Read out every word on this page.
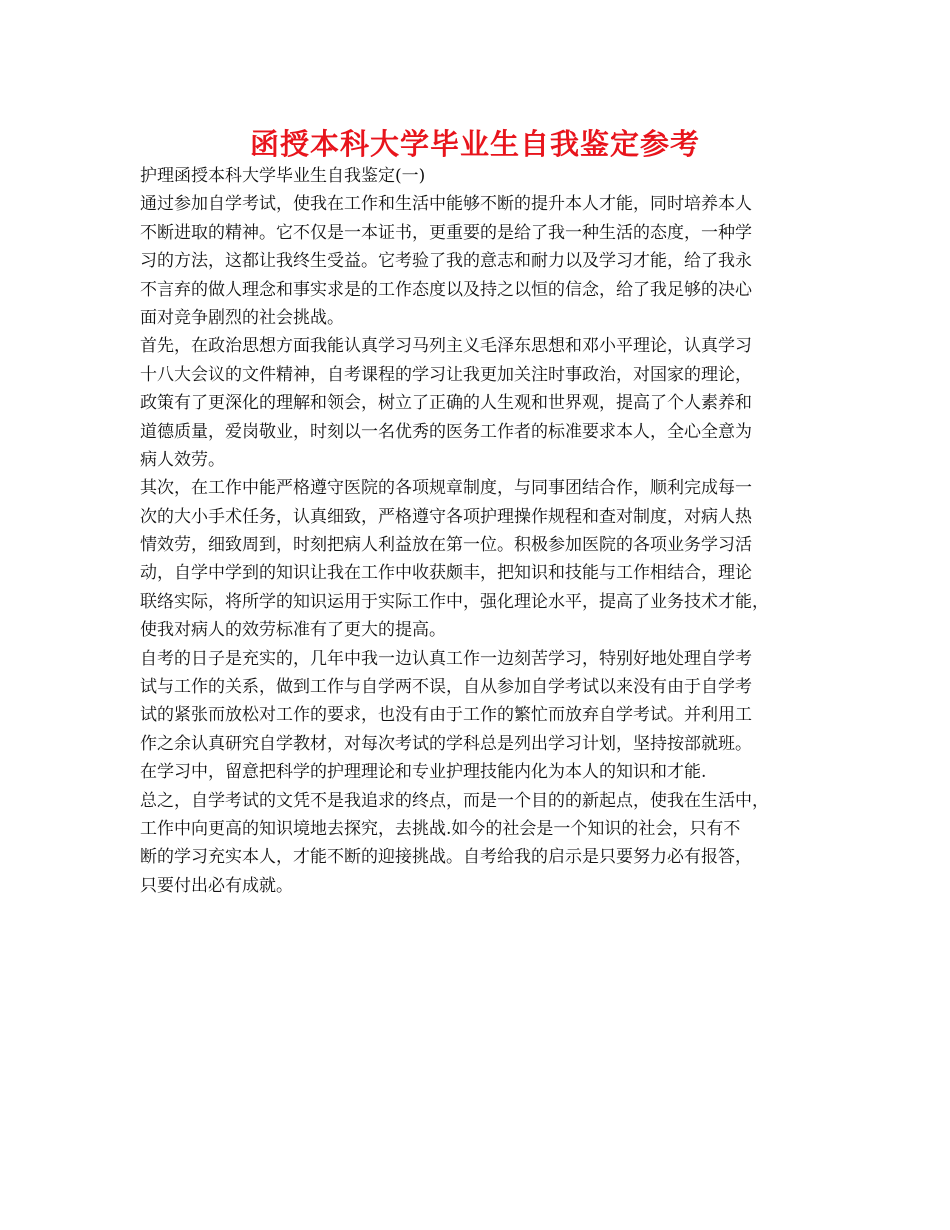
函授本科大学毕业生自我鉴定参考

护理函授本科大学毕业生自我鉴定(一)

通过参加自学考试，使我在工作和生活中能够不断的提升本人才能，同时培养本人
不断进取的精神。它不仅是一本证书，更重要的是给了我一种生活的态度，一种学
习的方法，这都让我终生受益。它考验了我的意志和耐力以及学习才能，给了我永
不言弃的做人理念和事实求是的工作态度以及持之以恒的信念，给了我足够的决心
面对竞争剧烈的社会挑战。

首先，在政治思想方面我能认真学习马列主义毛泽东思想和邓小平理论，认真学习
十八大会议的文件精神，自考课程的学习让我更加关注时事政治，对国家的理论，
政策有了更深化的理解和领会，树立了正确的人生观和世界观，提高了个人素养和
道德质量，爱岗敬业，时刻以一名优秀的医务工作者的标准要求本人，全心全意为
病人效劳。

其次，在工作中能严格遵守医院的各项规章制度，与同事团结合作，顺利完成每一
次的大小手术任务，认真细致，严格遵守各项护理操作规程和查对制度，对病人热
情效劳，细致周到，时刻把病人利益放在第一位。积极参加医院的各项业务学习活
动，自学中学到的知识让我在工作中收获颇丰，把知识和技能与工作相结合，理论
联络实际，将所学的知识运用于实际工作中，强化理论水平，提高了业务技术才能，
使我对病人的效劳标准有了更大的提高。

自考的日子是充实的，几年中我一边认真工作一边刻苦学习，特别好地处理自学考
试与工作的关系，做到工作与自学两不误，自从参加自学考试以来没有由于自学考
试的紧张而放松对工作的要求，也没有由于工作的繁忙而放弃自学考试。并利用工
作之余认真研究自学教材，对每次考试的学科总是列出学习计划，坚持按部就班。

在学习中，留意把科学的护理理论和专业护理技能内化为本人的知识和才能.

总之，自学考试的文凭不是我追求的终点，而是一个目的的新起点，使我在生活中，
工作中向更高的知识境地去探究，去挑战.如今的社会是一个知识的社会，只有不
断的学习充实本人，才能不断的迎接挑战。自考给我的启示是只要努力必有报答，
只要付出必有成就。
